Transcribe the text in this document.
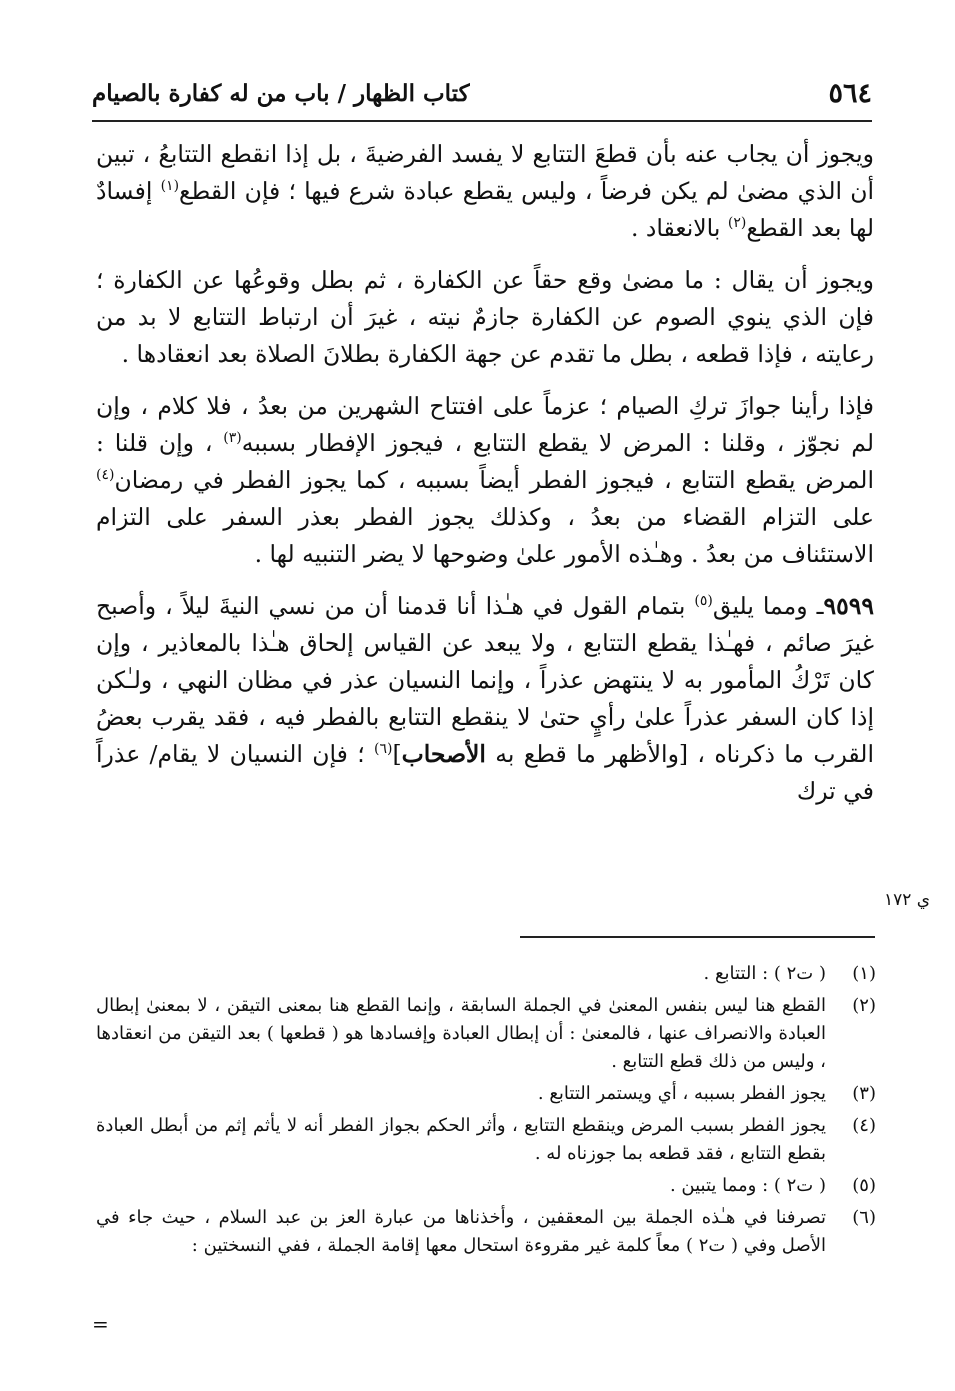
٥٦٤
كتاب الظهار / باب من له كفارة بالصيام

ويجوز أن يجاب عنه بأن قطعَ التتابع لا يفسد الفرضيةَ ، بل إذا انقطع التتابعُ ، تبين أن الذي مضىٰ لم يكن فرضاً ، وليس يقطع عبادة شرع فيها ؛ فإن القطع$^{(١)}$ إفسادٌ لها بعد القطع$^{(٢)}$ بالانعقاد .

ويجوز أن يقال : ما مضىٰ وقع حقاً عن الكفارة ، ثم بطل وقوعُها عن الكفارة ؛ فإن الذي ينوي الصوم عن الكفارة جازمٌ نيته ، غيرَ أن ارتباط التتابع لا بد من رعايته ، فإذا قطعه ، بطل ما تقدم عن جهة الكفارة بطلانَ الصلاة بعد انعقادها .

فإذا رأينا جوازَ تركِ الصيام ؛ عزماً على افتتاح الشهرين من بعدُ ، فلا كلام ، وإن لم نجوّز ، وقلنا : المرض لا يقطع التتابع ، فيجوز الإفطار بسببه$^{(٣)}$ ، وإن قلنا : المرض يقطع التتابع ، فيجوز الفطر أيضاً بسببه ، كما يجوز الفطر في رمضان$^{(٤)}$ على التزام القضاء من بعدُ ، وكذلك يجوز الفطر بعذر السفر على التزام الاستئناف من بعدُ . وهـٰذه الأمور علىٰ وضوحها لا يضر التنبيه لها .

٩٥٩٩ـ ومما يليق$^{(٥)}$ بتمام القول في هـٰذا أنا قدمنا أن من نسي النيةَ ليلاً ، وأصبح غيرَ صائم ، فهـٰذا يقطع التتابع ، ولا يبعد عن القياس إلحاق هـٰذا بالمعاذير ، وإن كان تَرْكُ المأمور به لا ينتهض عذراً ، وإنما النسيان عذر في مظان النهي ، ولـٰكن إذا كان السفر عذراً علىٰ رأيٍ حتىٰ لا ينقطع التتابع بالفطر فيه ، فقد يقرب بعضُ القرب ما ذكرناه ، [والأظهر ما قطع به الأصحاب]$^{(٦)}$ ؛ فإن النسيان لا يقام/ عذراً في ترك

ي ١٧٢
(١)
( ت٢ ) : التتابع .
(٢)
القطع هنا ليس بنفس المعنىٰ في الجملة السابقة ، وإنما القطع هنا بمعنى التيقن ، لا بمعنىٰ إبطال العبادة والانصراف عنها ، فالمعنىٰ : أن إبطال العبادة وإفسادها هو ( قطعها ) بعد التيقن من انعقادها ، وليس من ذلك قطع التتابع .
(٣)
يجوز الفطر بسببه ، أي ويستمر التتابع .
(٤)
يجوز الفطر بسبب المرض وينقطع التتابع ، وأثر الحكم بجواز الفطر أنه لا يأثم إثم من أبطل العبادة بقطع التتابع ، فقد قطعه بما جوزناه له .
(٥)
( ت٢ ) : ومما يتبين .
(٦)
تصرفنا في هـٰذه الجملة بين المعقفين ، وأخذناها من عبارة العز بن عبد السلام ، حيث جاء في الأصل وفي ( ت٢ ) معاً كلمة غير مقروءة استحال معها إقامة الجملة ، ففي النسختين :
=
